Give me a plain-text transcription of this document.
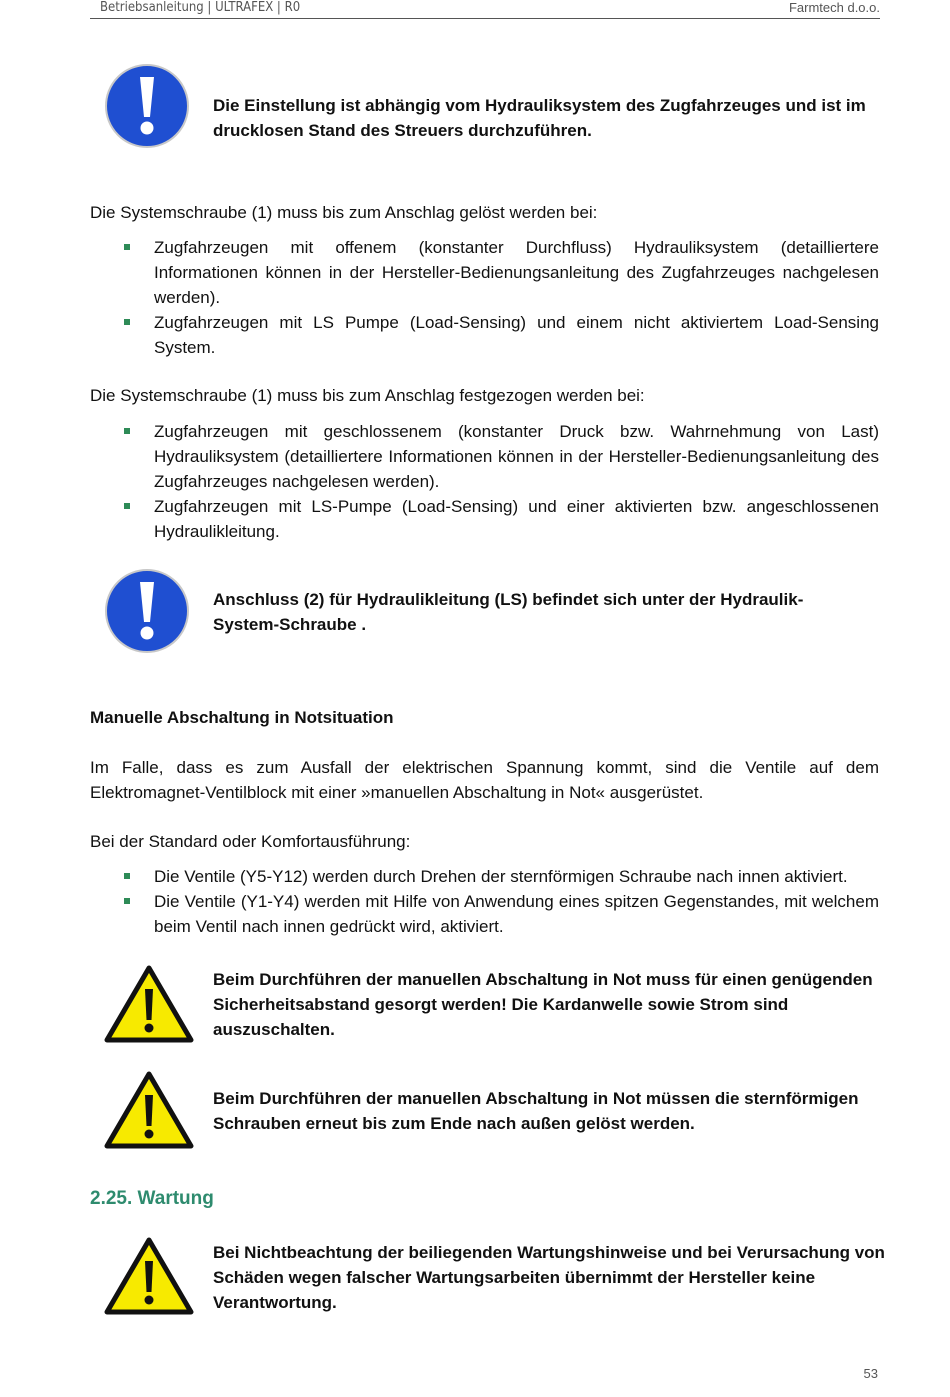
Betriebsanleitung | ULTRAFEX | R0	Farmtech d.o.o.
Die Einstellung ist abhängig vom Hydrauliksystem des Zugfahrzeuges und ist im drucklosen Stand des Streuers durchzuführen.
Die Systemschraube (1) muss bis zum Anschlag gelöst werden bei:
Zugfahrzeugen mit offenem (konstanter Durchfluss) Hydrauliksystem (detailliertere Informationen können in der Hersteller-Bedienungsanleitung des Zugfahrzeuges nachgelesen werden).
Zugfahrzeugen mit LS Pumpe (Load-Sensing) und einem nicht aktiviertem Load-Sensing System.
Die Systemschraube (1) muss bis zum Anschlag festgezogen werden bei:
Zugfahrzeugen mit geschlossenem (konstanter Druck bzw. Wahrnehmung von Last) Hydrauliksystem (detailliertere Informationen können in der Hersteller-Bedienungsanleitung des Zugfahrzeuges nachgelesen werden).
Zugfahrzeugen mit LS-Pumpe (Load-Sensing) und einer aktivierten bzw. angeschlossenen Hydraulikleitung.
Anschluss (2) für Hydraulikleitung (LS) befindet sich unter der Hydraulik-System-Schraube .
Manuelle Abschaltung in Notsituation
Im Falle, dass es zum Ausfall der elektrischen Spannung kommt, sind die Ventile auf dem Elektromagnet-Ventilblock mit einer »manuellen Abschaltung in Not« ausgerüstet.
Bei der Standard oder Komfortausführung:
Die Ventile (Y5-Y12) werden durch Drehen der sternförmigen Schraube nach innen aktiviert.
Die Ventile (Y1-Y4) werden mit Hilfe von Anwendung eines spitzen Gegenstandes, mit welchem beim Ventil nach innen gedrückt wird, aktiviert.
Beim Durchführen der manuellen Abschaltung in Not muss für einen genügenden Sicherheitsabstand gesorgt werden! Die Kardanwelle sowie Strom sind auszuschalten.
Beim Durchführen der manuellen Abschaltung in Not müssen die sternförmigen Schrauben erneut bis zum Ende nach außen gelöst werden.
2.25. Wartung
Bei Nichtbeachtung der beiliegenden Wartungshinweise und bei Verursachung von Schäden wegen falscher Wartungsarbeiten übernimmt der Hersteller keine Verantwortung.
53
